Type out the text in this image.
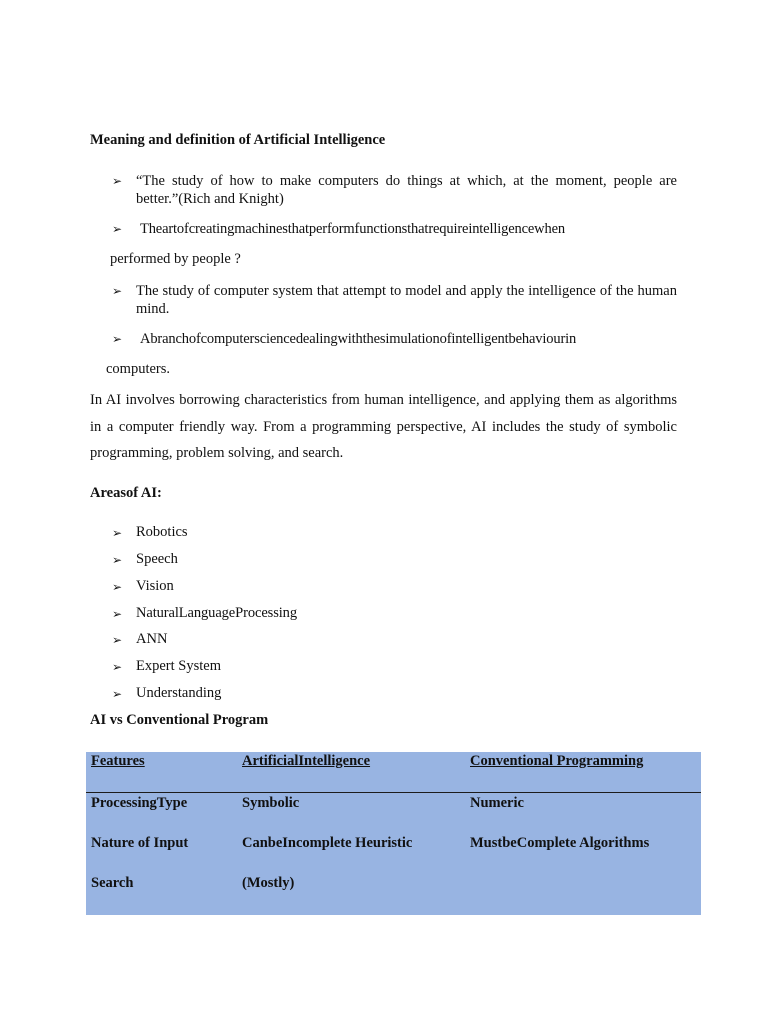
Meaning and definition of Artificial Intelligence
➢ “The study of how to make computers do things at which, at the moment, people are better.”(Rich and Knight)
➢ Theartofcreatingmachinesthatperformfunctionsthatrequireintelligencewhen
performed by people ?
➢ The study of computer system that attempt to model and apply the intelligence of the human mind.
➢ Abranchofcomputersciencedealingwiththesimulationofintelligentbehaviourin
computers.
In AI involves borrowing characteristics from human intelligence, and applying them as algorithms in a computer friendly way. From a programming perspective, AI includes the study of symbolic programming, problem solving, and search.
Areasof AI:
➢ Robotics
➢ Speech
➢ Vision
➢ NaturalLanguageProcessing
➢ ANN
➢ Expert System
➢ Understanding
AI vs Conventional Program
Features	ArtificialIntelligence	Conventional Programming
ProcessingType	Symbolic	Numeric
Nature of Input	CanbeIncomplete Heuristic	MustbeComplete Algorithms
Search	(Mostly)
